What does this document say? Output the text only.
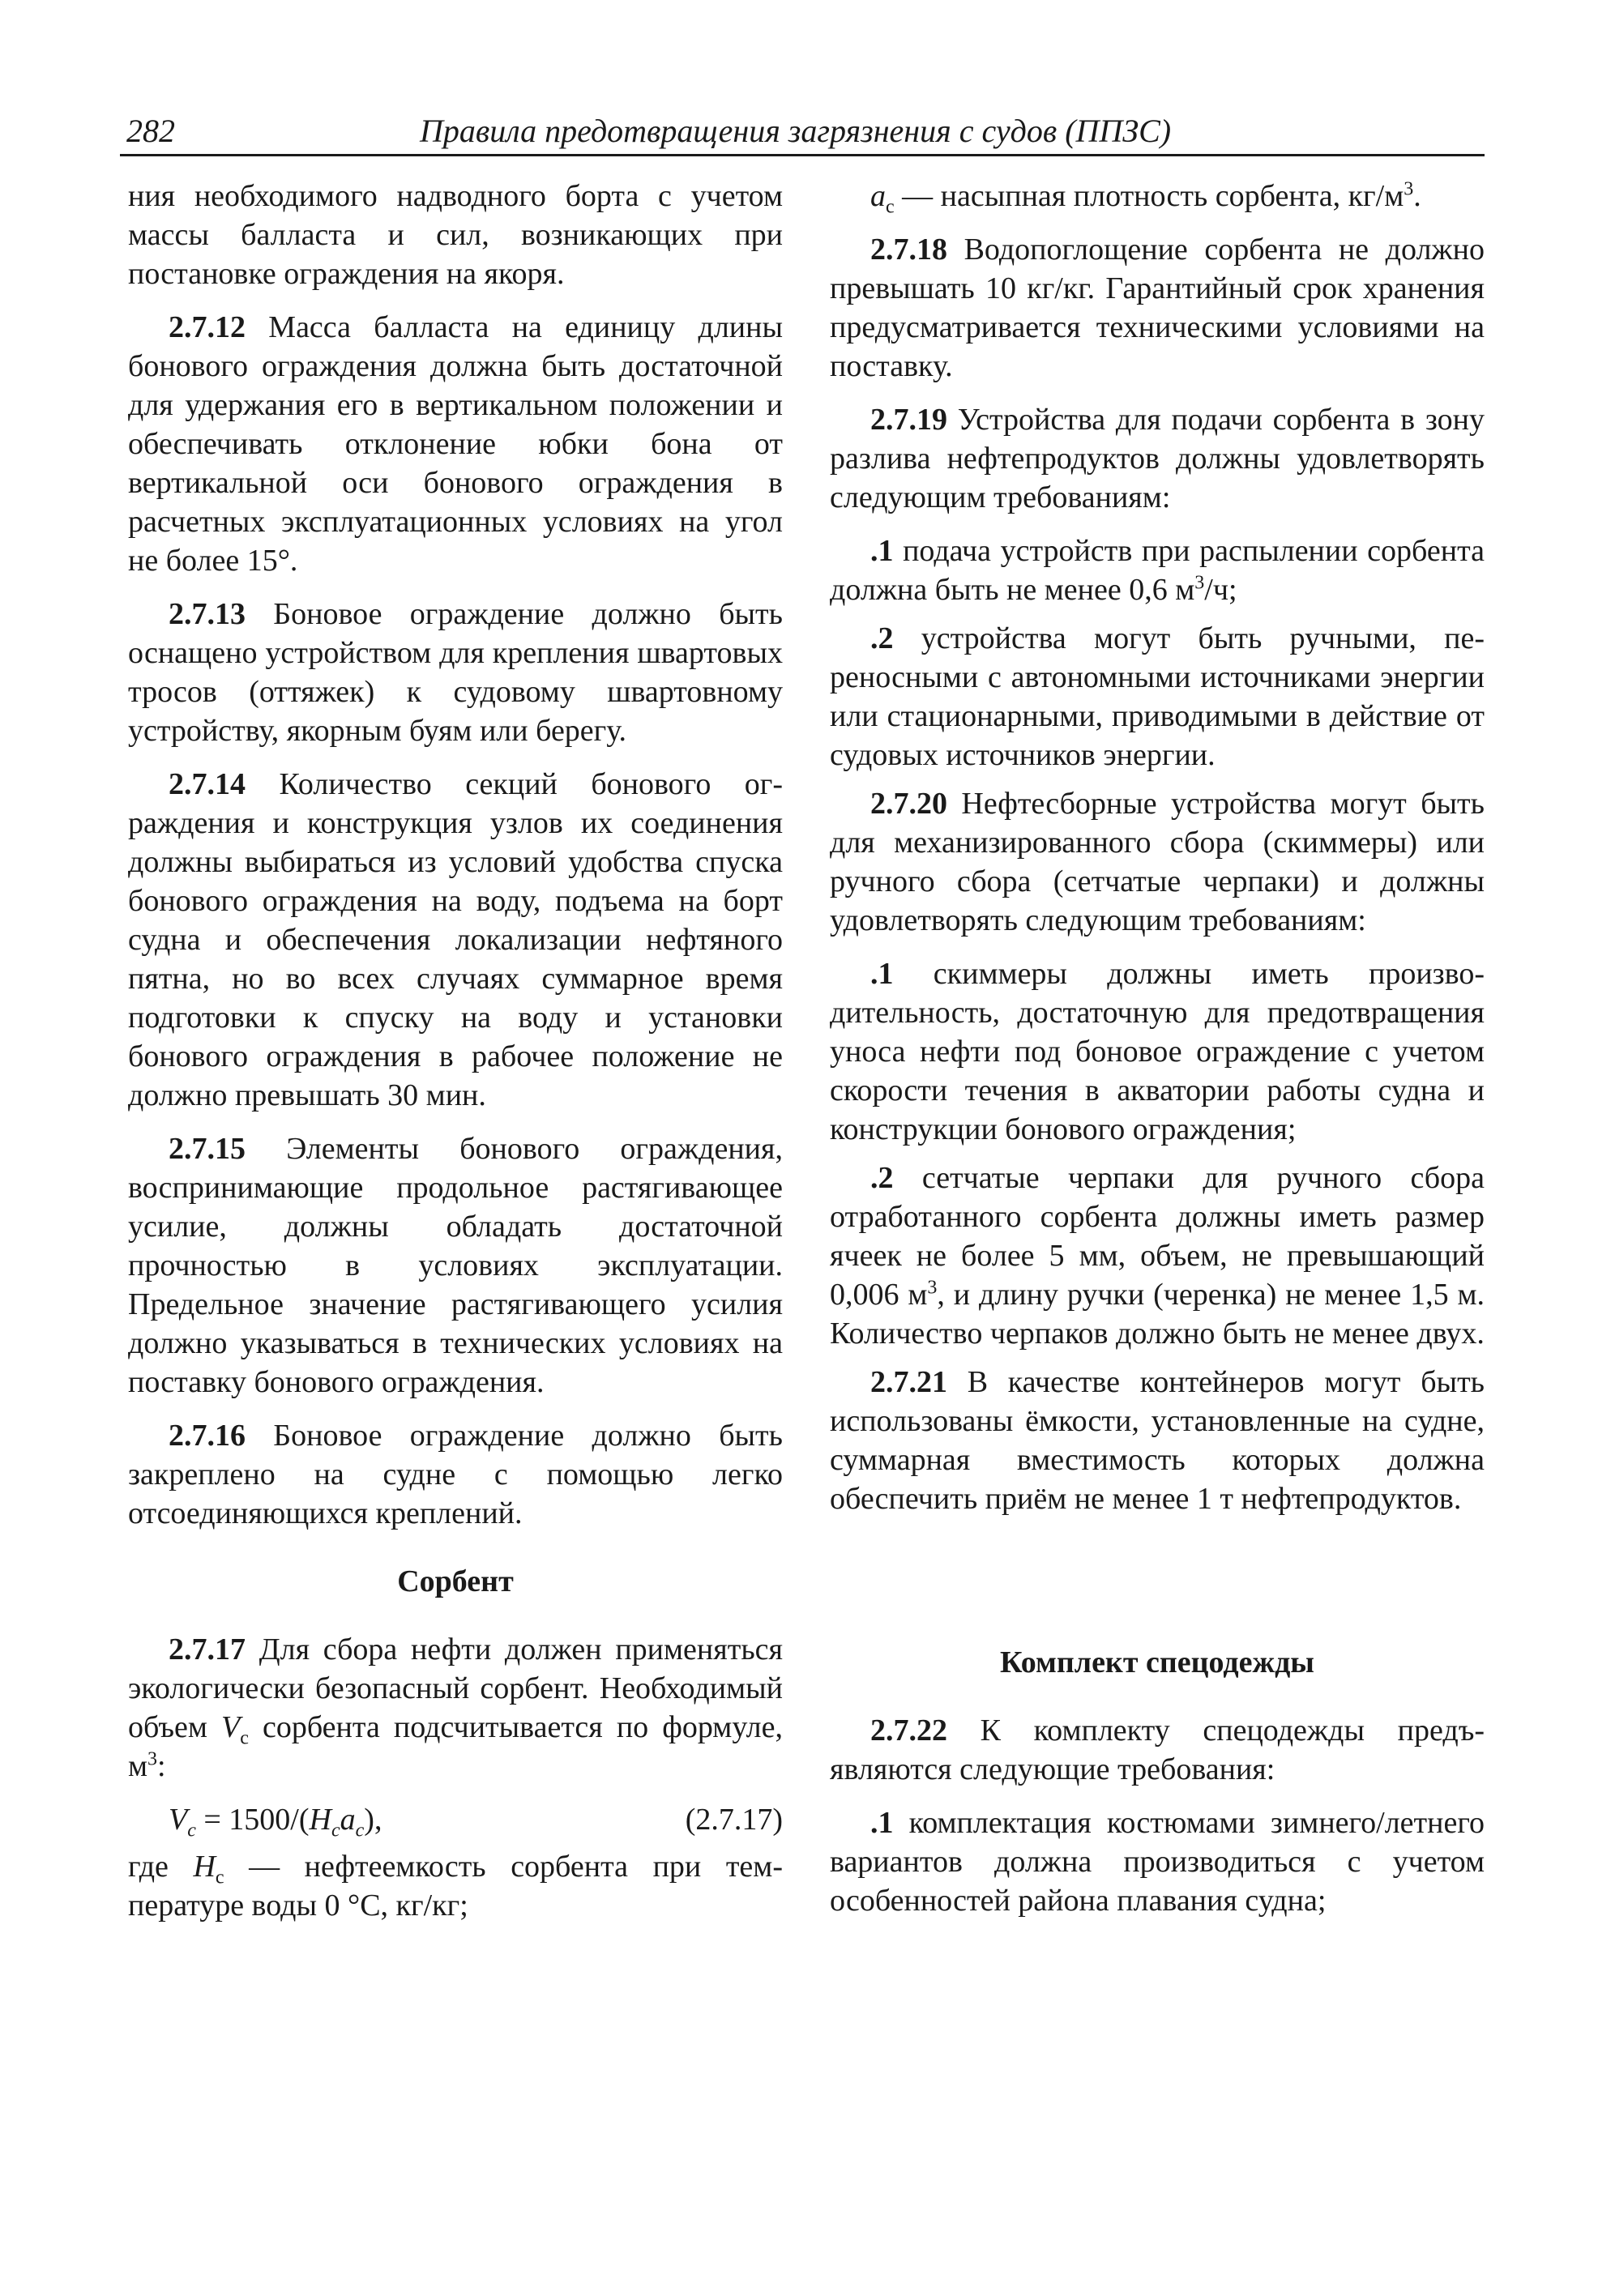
282	Правила предотвращения загрязнения с судов (ППЗС)

ния необходимого надводного борта с учетом массы балласта и сил, возникающих при постановке ограждения на якоря.

2.7.12 Масса балласта на единицу длины бонового ограждения должна быть достаточной для удержания его в вертикальном положении и обеспечивать отклонение юбки бона от вертикальной оси бонового ограждения в расчетных эксплуатационных условиях на угол не более 15°.

2.7.13 Боновое ограждение должно быть оснащено устройством для крепления швартовых тросов (оттяжек) к судовому швартовному устройству, якорным буям или берегу.

2.7.14 Количество секций бонового ограждения и конструкция узлов их соединения должны выбираться из условий удобства спуска бонового ограждения на воду, подъема на борт судна и обеспечения локализации нефтяного пятна, но во всех случаях суммарное время подготовки к спуску на воду и установки бонового ограждения в рабочее положение не должно превышать 30 мин.

2.7.15 Элементы бонового ограждения, воспринимающие продольное растягивающее усилие, должны обладать достаточной прочностью в условиях эксплуатации. Предельное значение растягивающего усилия должно указываться в технических условиях на поставку бонового ограждения.

2.7.16 Боновое ограждение должно быть закреплено на судне с помощью легко отсоединяющихся креплений.

Сорбент

2.7.17 Для сбора нефти должен применяться экологически безопасный сорбент. Необходимый объем $V_с$ сорбента подсчитывается по формуле, $м^3$:

$V_с = 1500/(H_сa_с)$,	(2.7.17)

где $H_с$ — нефтеемкость сорбента при температуре воды 0 °С, кг/кг;

$a_с$ — насыпная плотность сорбента, $кг/м^3$.

2.7.18 Водопоглощение сорбента не должно превышать 10 кг/кг. Гарантийный срок хранения предусматривается техническими условиями на поставку.

2.7.19 Устройства для подачи сорбента в зону разлива нефтепродуктов должны удовлетворять следующим требованиям:

.1 подача устройств при распылении сорбента должна быть не менее 0,6 $м^3/ч$;

.2 устройства могут быть ручными, переносными с автономными источниками энергии или стационарными, приводимыми в действие от судовых источников энергии.

2.7.20 Нефтесборные устройства могут быть для механизированного сбора (скиммеры) или ручного сбора (сетчатые черпаки) и должны удовлетворять следующим требованиям:

.1 скиммеры должны иметь производительность, достаточную для предотвращения уноса нефти под боновое ограждение с учетом скорости течения в акватории работы судна и конструкции бонового ограждения;

.2 сетчатые черпаки для ручного сбора отработанного сорбента должны иметь размер ячеек не более 5 мм, объем, не превышающий 0,006 $м^3$, и длину ручки (черенка) не менее 1,5 м. Количество черпаков должно быть не менее двух.

2.7.21 В качестве контейнеров могут быть использованы ёмкости, установленные на судне, суммарная вместимость которых должна обеспечить приём не менее 1 т нефтепродуктов.

Комплект спецодежды

2.7.22 К комплекту спецодежды предъявляются следующие требования:

.1 комплектация костюмами зимнего/летнего вариантов должна производиться с учетом особенностей района плавания судна;
